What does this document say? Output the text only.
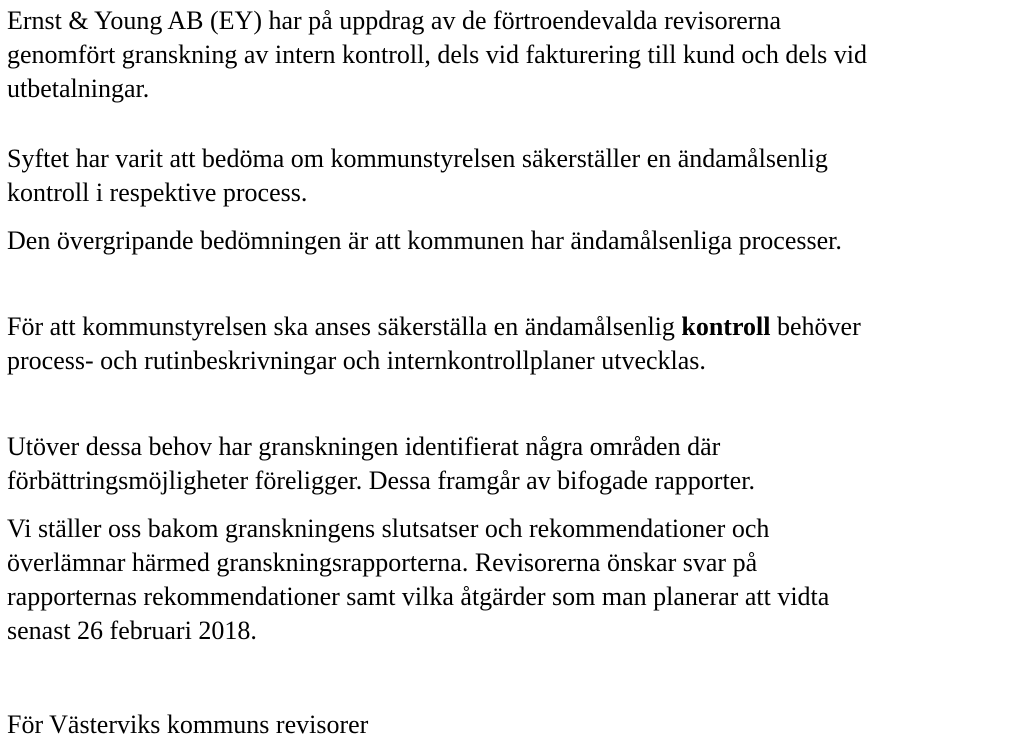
Ernst & Young AB (EY) har på uppdrag av de förtroendevalda revisorerna
genomfört granskning av intern kontroll, dels vid fakturering till kund och dels vid
utbetalningar.

Syftet har varit att bedöma om kommunstyrelsen säkerställer en ändamålsenlig
kontroll i respektive process.

Den övergripande bedömningen är att kommunen har ändamålsenliga processer.

För att kommunstyrelsen ska anses säkerställa en ändamålsenlig kontroll behöver
process- och rutinbeskrivningar och internkontrollplaner utvecklas.

Utöver dessa behov har granskningen identifierat några områden där
förbättringsmöjligheter föreligger. Dessa framgår av bifogade rapporter.

Vi ställer oss bakom granskningens slutsatser och rekommendationer och
överlämnar härmed granskningsrapporterna. Revisorerna önskar svar på
rapporternas rekommendationer samt vilka åtgärder som man planerar att vidta
senast 26 februari 2018.

För Västerviks kommuns revisorer
